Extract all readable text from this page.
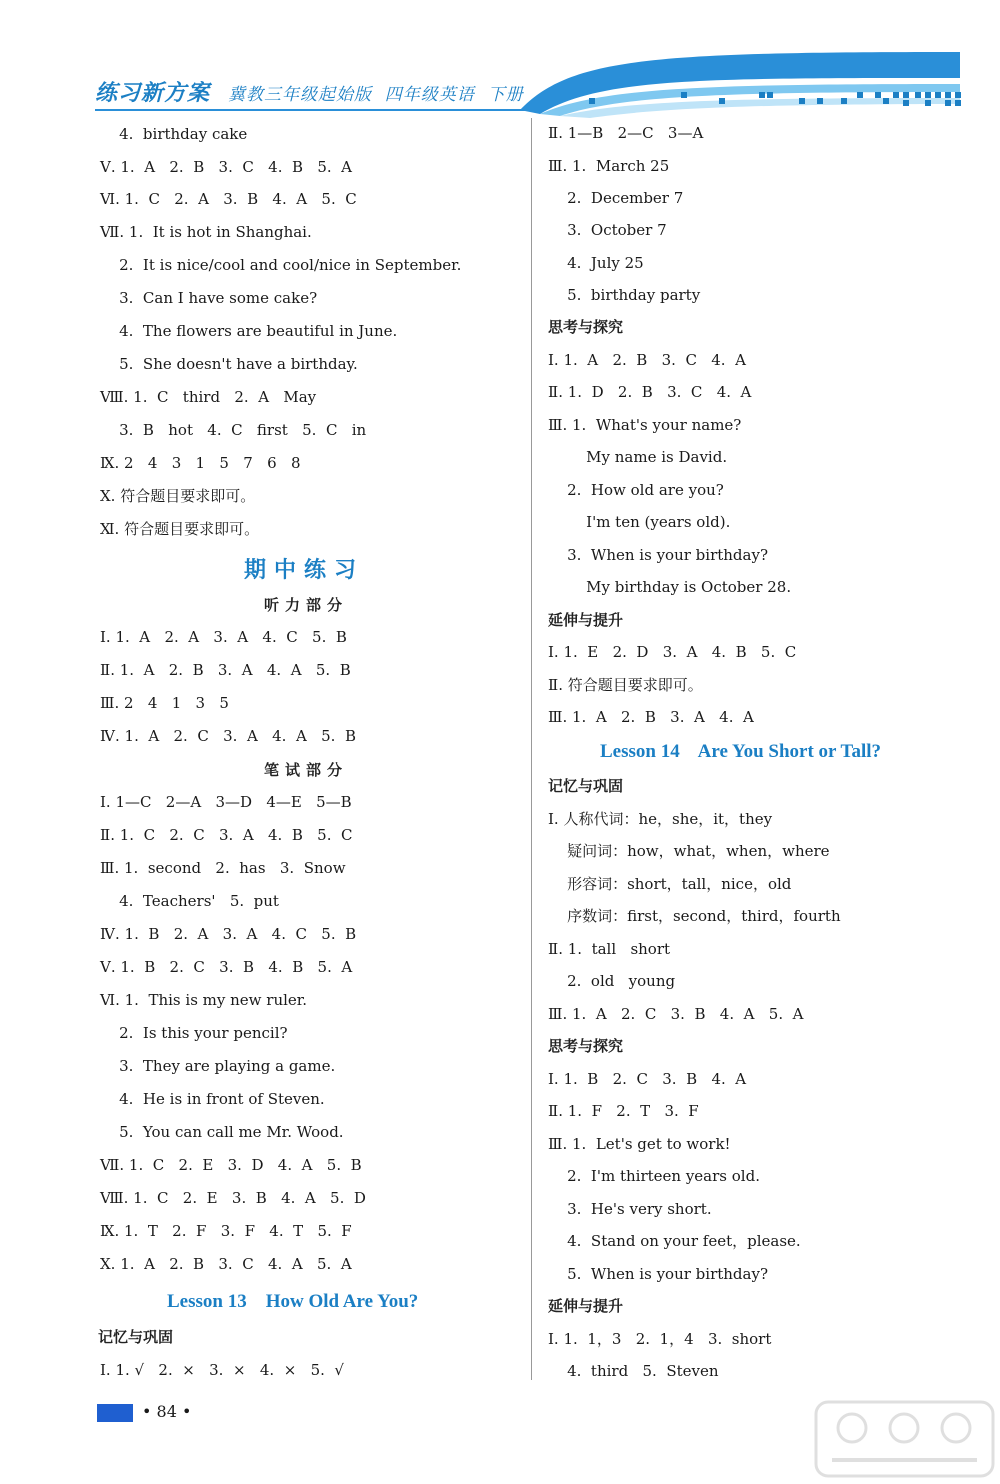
练习新方案 冀教三年级起始版  四年级英语  下册
4.  birthday cake
Ⅴ. 1.  A   2.  B   3.  C   4.  B   5.  A
Ⅵ. 1.  C   2.  A   3.  B   4.  A   5.  C
Ⅶ. 1.  It is hot in Shanghai.
2.  It is nice/cool and cool/nice in September.
3.  Can I have some cake?
4.  The flowers are beautiful in June.
5.  She doesn't have a birthday.
Ⅷ. 1.  C   third   2.  A   May
3.  B   hot   4.  C   first   5.  C   in
Ⅸ. 2   4   3   1   5   7   6   8
Ⅹ. 符合题目要求即可。
Ⅺ. 符合题目要求即可。
期中练习
听力部分
Ⅰ. 1.  A   2.  A   3.  A   4.  C   5.  B
Ⅱ. 1.  A   2.  B   3.  A   4.  A   5.  B
Ⅲ. 2   4   1   3   5
Ⅳ. 1.  A   2.  C   3.  A   4.  A   5.  B
笔试部分
Ⅰ. 1—C   2—A   3—D   4—E   5—B
Ⅱ. 1.  C   2.  C   3.  A   4.  B   5.  C
Ⅲ. 1.  second   2.  has   3.  Snow
4.  Teachers'   5.  put
Ⅳ. 1.  B   2.  A   3.  A   4.  C   5.  B
Ⅴ. 1.  B   2.  C   3.  B   4.  B   5.  A
Ⅵ. 1.  This is my new ruler.
2.  Is this your pencil?
3.  They are playing a game.
4.  He is in front of Steven.
5.  You can call me Mr. Wood.
Ⅶ. 1.  C   2.  E   3.  D   4.  A   5.  B
Ⅷ. 1.  C   2.  E   3.  B   4.  A   5.  D
Ⅸ. 1.  T   2.  F   3.  F   4.  T   5.  F
Ⅹ. 1.  A   2.  B   3.  C   4.  A   5.  A
Lesson 13    How Old Are You?
记忆与巩固
Ⅰ. 1. √   2.  ×   3.  ×   4.  ×   5.  √
Ⅱ. 1—B   2—C   3—A
Ⅲ. 1.  March 25
2.  December 7
3.  October 7
4.  July 25
5.  birthday party
思考与探究
Ⅰ. 1.  A   2.  B   3.  C   4.  A
Ⅱ. 1.  D   2.  B   3.  C   4.  A
Ⅲ. 1.  What's your name?
My name is David.
2.  How old are you?
I'm ten (years old).
3.  When is your birthday?
My birthday is October 28.
延伸与提升
Ⅰ. 1.  E   2.  D   3.  A   4.  B   5.  C
Ⅱ. 符合题目要求即可。
Ⅲ. 1.  A   2.  B   3.  A   4.  A
Lesson 14    Are You Short or Tall?
记忆与巩固
Ⅰ. 人称代词：he，she，it，they
疑问词：how，what，when，where
形容词：short，tall，nice，old
序数词：first，second，third，fourth
Ⅱ. 1.  tall   short
2.  old   young
Ⅲ. 1.  A   2.  C   3.  B   4.  A   5.  A
思考与探究
Ⅰ. 1.  B   2.  C   3.  B   4.  A
Ⅱ. 1.  F   2.  T   3.  F
Ⅲ. 1.  Let's get to work!
2.  I'm thirteen years old.
3.  He's very short.
4.  Stand on your feet，please.
5.  When is your birthday?
延伸与提升
Ⅰ. 1.  1，3   2.  1，4   3.  short
4.  third   5.  Steven
• 84 •
